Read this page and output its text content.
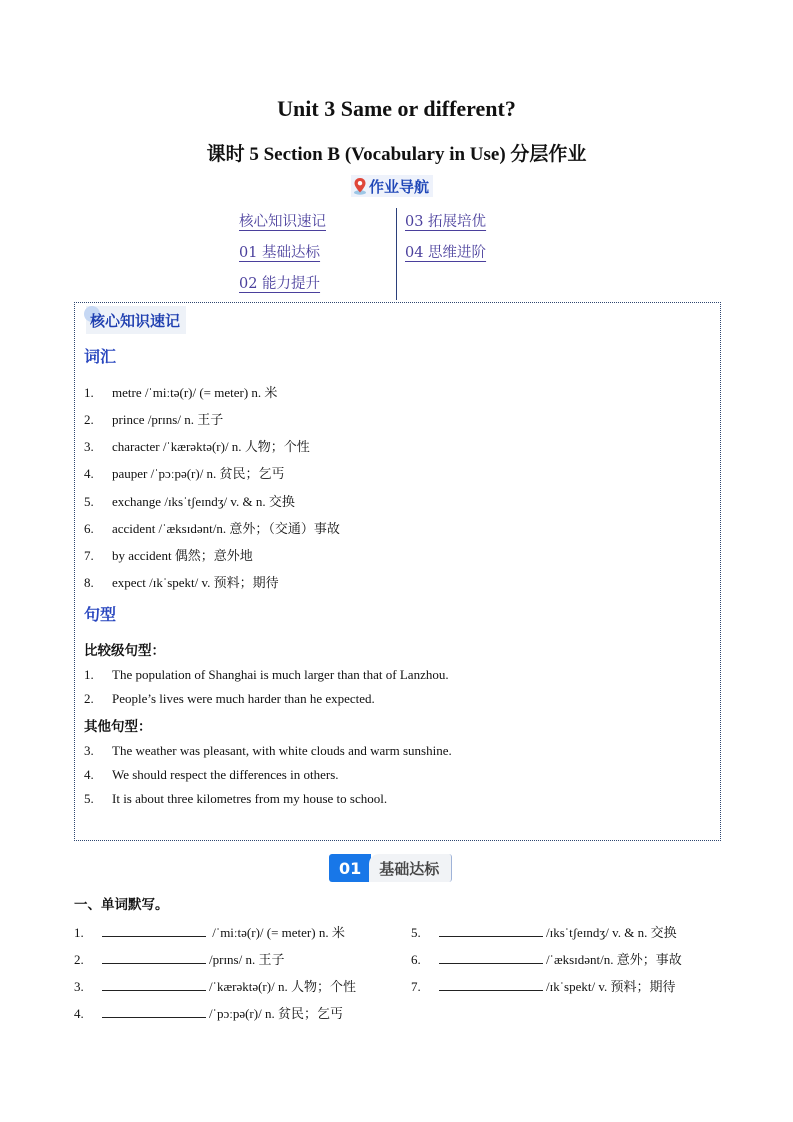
Unit 3 Same or different?
课时 5 Section B (Vocabulary in Use) 分层作业
作业导航
核心知识速记
01 基础达标
02 能力提升
03 拓展培优
04 思维进阶
核心知识速记
词汇
1. metre /ˈmiːtə(r)/ (= meter) n. 米
2. prince /prɪns/ n. 王子
3. character /ˈkærəktə(r)/ n. 人物；个性
4. pauper /ˈpɔːpə(r)/ n. 贫民；乞丐
5. exchange /ɪksˈtʃeɪndʒ/ v. & n. 交换
6. accident /ˈæksɪdənt/n. 意外；（交通）事故
7. by accident 偶然；意外地
8. expect /ɪkˈspekt/ v. 预料；期待
句型
比较级句型：
1. The population of Shanghai is much larger than that of Lanzhou.
2. People’s lives were much harder than he expected.
其他句型：
3. The weather was pleasant, with white clouds and warm sunshine.
4. We should respect the differences in others.
5. It is about three kilometres from my house to school.
01	基础达标
一、单词默写。
1.	/ˈmiːtə(r)/ (= meter) n. 米
2.	/prɪns/ n. 王子
3.	/ˈkærəktə(r)/ n. 人物；个性
4.	/ˈpɔːpə(r)/ n. 贫民；乞丐
5.	/ɪksˈtʃeɪndʒ/ v. & n. 交换
6.	/ˈæksɪdənt/n. 意外；事故
7.	/ɪkˈspekt/ v. 预料；期待
